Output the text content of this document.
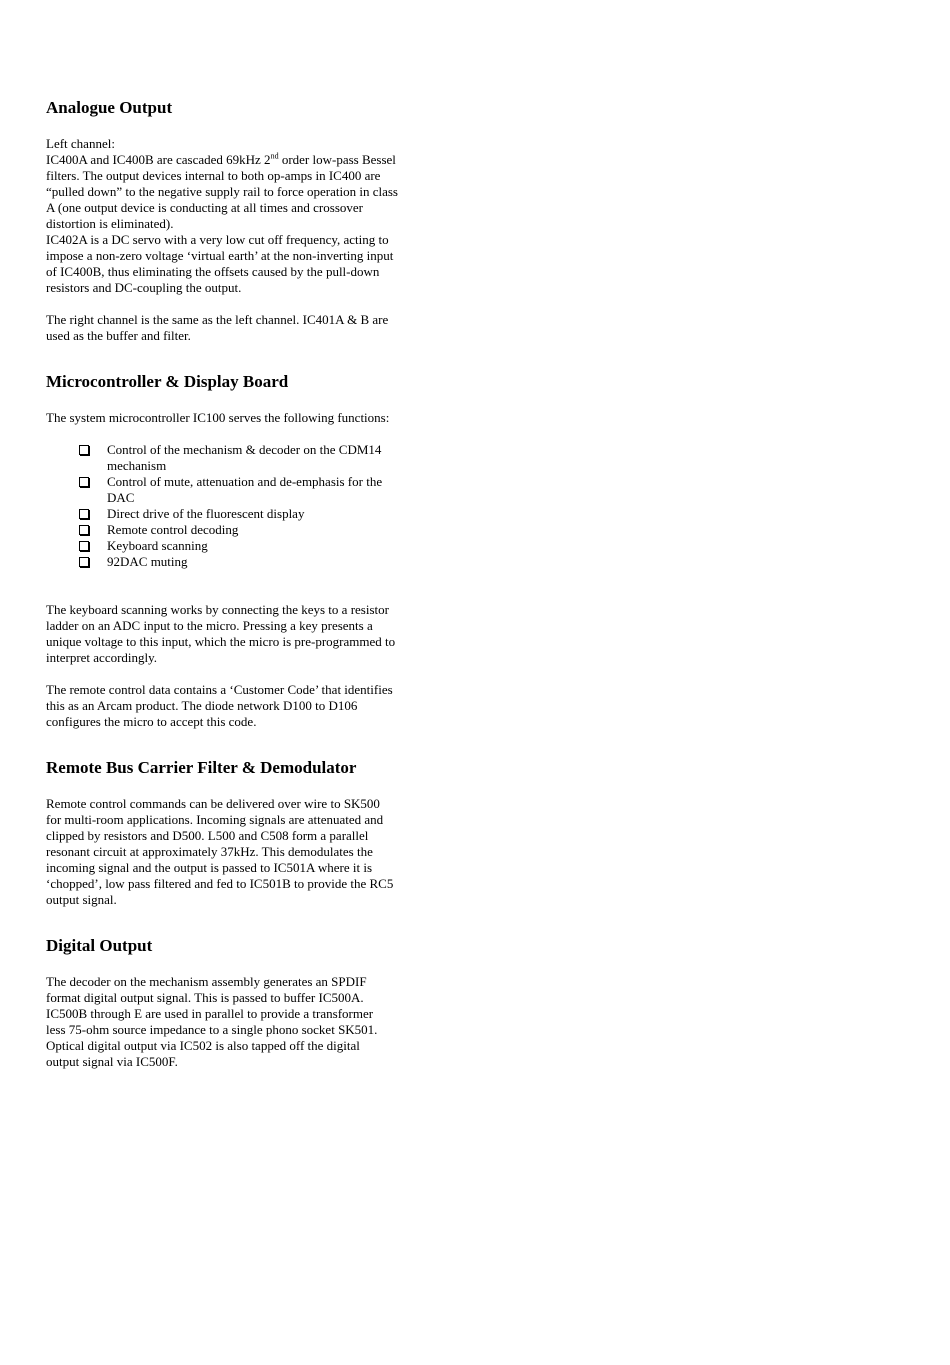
Analogue Output

Left channel:

IC400A and IC400B are cascaded 69kHz 2nd order low-pass Bessel filters. The output devices internal to both op-amps in IC400 are “pulled down” to the negative supply rail to force operation in class A (one output device is conducting at all times and crossover distortion is eliminated).

IC402A is a DC servo with a very low cut off frequency, acting to impose a non-zero voltage ‘virtual earth’ at the non-inverting input of IC400B, thus eliminating the offsets caused by the pull-down resistors and DC-coupling the output.

The right channel is the same as the left channel. IC401A & B are used as the buffer and filter.

Microcontroller & Display Board

The system microcontroller IC100 serves the following functions:

Control of the mechanism & decoder on the CDM14 mechanism
Control of mute, attenuation and de-emphasis for the DAC
Direct drive of the fluorescent display
Remote control decoding
Keyboard scanning
92DAC muting

The keyboard scanning works by connecting the keys to a resistor ladder on an ADC input to the micro. Pressing a key presents a unique voltage to this input, which the micro is pre-programmed to interpret accordingly.

The remote control data contains a ‘Customer Code’ that identifies this as an Arcam product. The diode network D100 to D106 configures the micro to accept this code.

Remote Bus Carrier Filter & Demodulator

Remote control commands can be delivered over wire to SK500 for multi-room applications. Incoming signals are attenuated and clipped by resistors and D500. L500 and C508 form a parallel resonant circuit at approximately 37kHz. This demodulates the incoming signal and the output is passed to IC501A where it is ‘chopped’, low pass filtered and fed to IC501B to provide the RC5 output signal.

Digital Output

The decoder on the mechanism assembly generates an SPDIF format digital output signal. This is passed to buffer IC500A. IC500B through E are used in parallel to provide a transformer less 75-ohm source impedance to a single phono socket SK501. Optical digital output via IC502 is also tapped off the digital output signal via IC500F.
